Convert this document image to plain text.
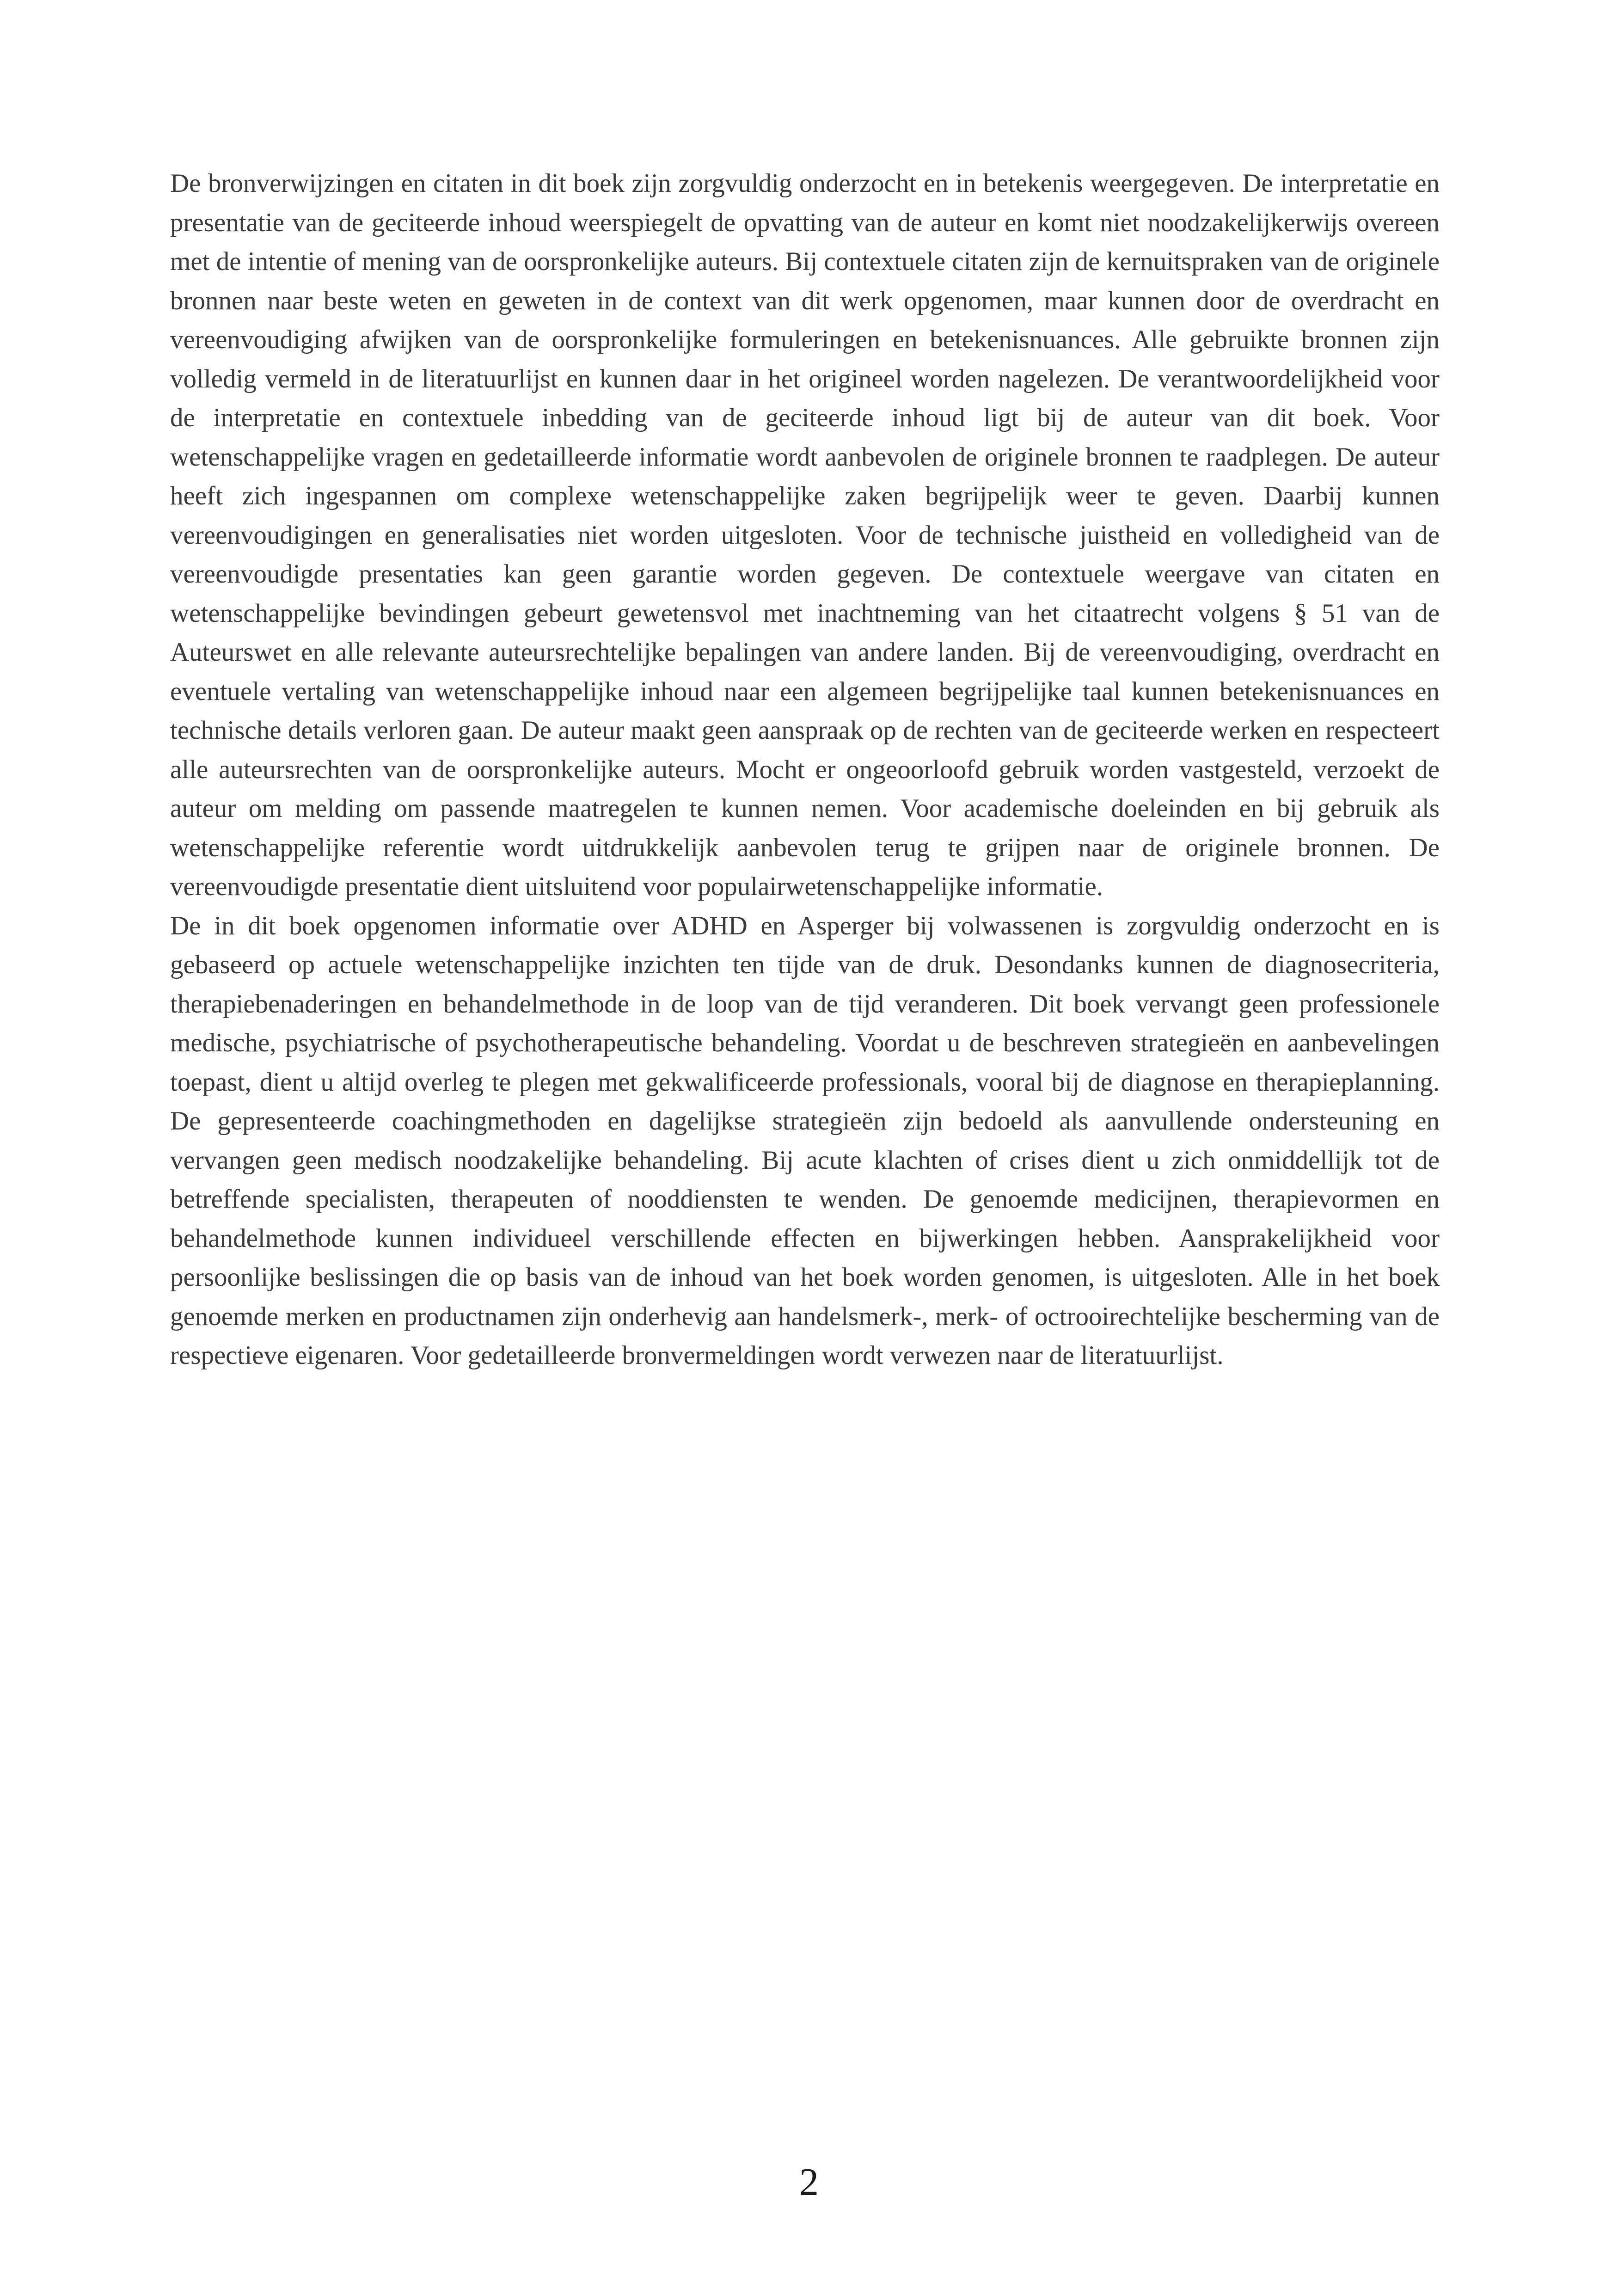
De bronverwijzingen en citaten in dit boek zijn zorgvuldig onderzocht en in betekenis weergegeven. De interpretatie en presentatie van de geciteerde inhoud weerspiegelt de opvatting van de auteur en komt niet noodzakelijkerwijs overeen met de intentie of mening van de oorspronkelijke auteurs. Bij contextuele citaten zijn de kernuitspraken van de originele bronnen naar beste weten en geweten in de context van dit werk opgenomen, maar kunnen door de overdracht en vereenvoudiging afwijken van de oorspronkelijke formuleringen en betekenisnuances. Alle gebruikte bronnen zijn volledig vermeld in de literatuurlijst en kunnen daar in het origineel worden nagelezen. De verantwoordelijkheid voor de interpretatie en contextuele inbedding van de geciteerde inhoud ligt bij de auteur van dit boek. Voor wetenschappelijke vragen en gedetailleerde informatie wordt aanbevolen de originele bronnen te raadplegen. De auteur heeft zich ingespannen om complexe wetenschappelijke zaken begrijpelijk weer te geven. Daarbij kunnen vereenvoudigingen en generalisaties niet worden uitgesloten. Voor de technische juistheid en volledigheid van de vereenvoudigde presentaties kan geen garantie worden gegeven. De contextuele weergave van citaten en wetenschappelijke bevindingen gebeurt gewetensvol met inachtneming van het citaatrecht volgens § 51 van de Auteurswet en alle relevante auteursrechtelijke bepalingen van andere landen. Bij de vereenvoudiging, overdracht en eventuele vertaling van wetenschappelijke inhoud naar een algemeen begrijpelijke taal kunnen betekenisnuances en technische details verloren gaan. De auteur maakt geen aanspraak op de rechten van de geciteerde werken en respecteert alle auteursrechten van de oorspronkelijke auteurs. Mocht er ongeoorloofd gebruik worden vastgesteld, verzoekt de auteur om melding om passende maatregelen te kunnen nemen. Voor academische doeleinden en bij gebruik als wetenschappelijke referentie wordt uitdrukkelijk aanbevolen terug te grijpen naar de originele bronnen. De vereenvoudigde presentatie dient uitsluitend voor populairwetenschappelijke informatie.

De in dit boek opgenomen informatie over ADHD en Asperger bij volwassenen is zorgvuldig onderzocht en is gebaseerd op actuele wetenschappelijke inzichten ten tijde van de druk. Desondanks kunnen de diagnosecriteria, therapiebenaderingen en behandelmethode in de loop van de tijd veranderen. Dit boek vervangt geen professionele medische, psychiatrische of psychotherapeutische behandeling. Voordat u de beschreven strategieën en aanbevelingen toepast, dient u altijd overleg te plegen met gekwalificeerde professionals, vooral bij de diagnose en therapieplanning. De gepresenteerde coachingmethoden en dagelijkse strategieën zijn bedoeld als aanvullende ondersteuning en vervangen geen medisch noodzakelijke behandeling. Bij acute klachten of crises dient u zich onmiddellijk tot de betreffende specialisten, therapeuten of nooddiensten te wenden. De genoemde medicijnen, therapievormen en behandelmethode kunnen individueel verschillende effecten en bijwerkingen hebben. Aansprakelijkheid voor persoonlijke beslissingen die op basis van de inhoud van het boek worden genomen, is uitgesloten. Alle in het boek genoemde merken en productnamen zijn onderhevig aan handelsmerk-, merk- of octrooirechtelijke bescherming van de respectieve eigenaren. Voor gedetailleerde bronvermeldingen wordt verwezen naar de literatuurlijst.

2
